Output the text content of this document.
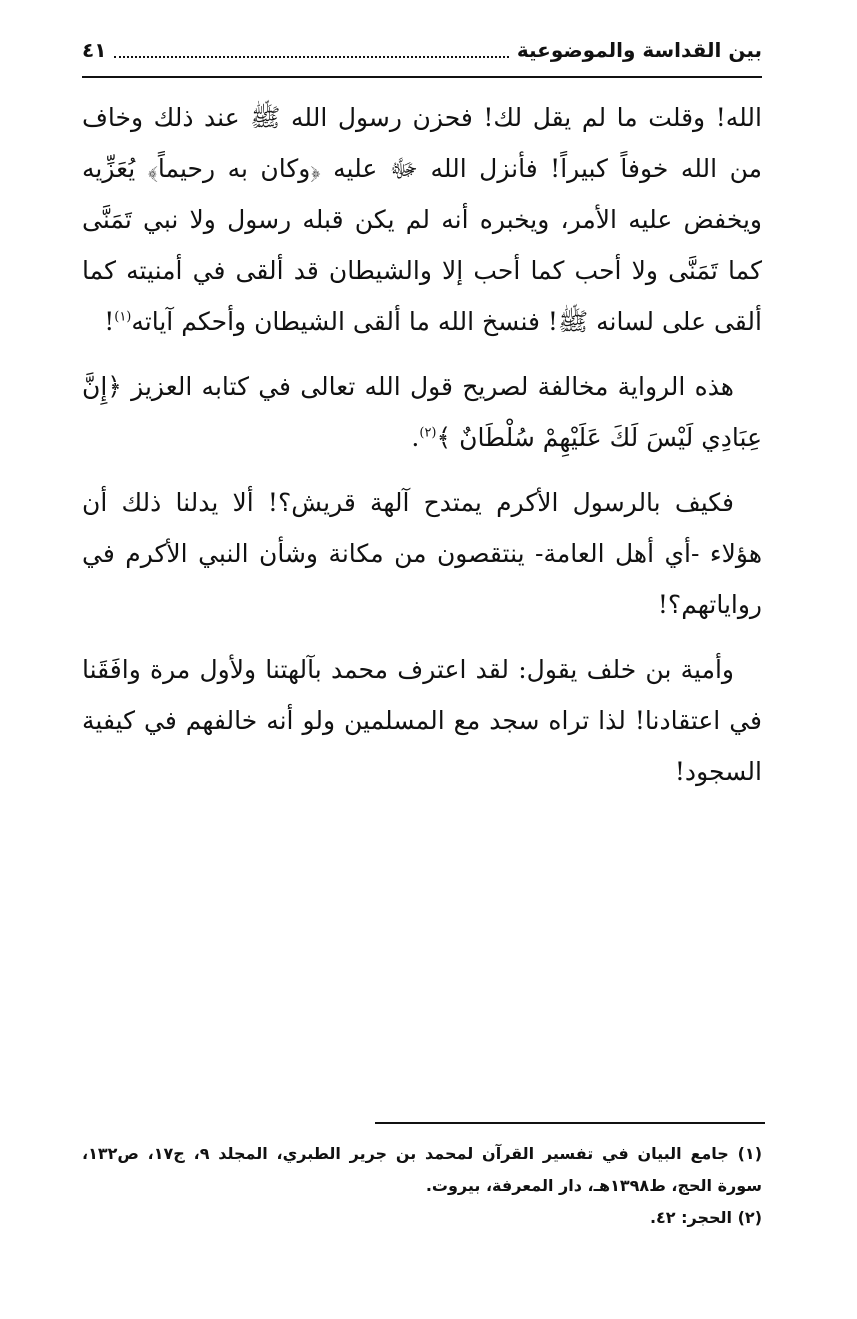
بين القداسة والموضوعية
٤١

الله! وقلت ما لم يقل لك! فحزن رسول الله ﷺ عند ذلك وخاف من الله خوفاً كبيراً! فأنزل الله ﷻ عليه ﴿وكان به رحيماً﴾ يُعَزِّيه ويخفض عليه الأمر، ويخبره أنه لم يكن قبله رسول ولا نبي تَمَنَّى كما تَمَنَّى ولا أحب كما أحب إلا والشيطان قد ألقى في أمنيته كما ألقى على لسانه ﷺ! فنسخ الله ما ألقى الشيطان وأحكم آياته$^{(١)}$!

هذه الرواية مخالفة لصريح قول الله تعالى في كتابه العزيز ﴿إِنَّ عِبَادِي لَيْسَ لَكَ عَلَيْهِمْ سُلْطَانٌ ﴾$^{(٢)}$.

فكيف بالرسول الأكرم يمتدح آلهة قريش؟! ألا يدلنا ذلك أن هؤلاء -أي أهل العامة- ينتقصون من مكانة وشأن النبي الأكرم في رواياتهم؟!

وأمية بن خلف يقول: لقد اعترف محمد بآلهتنا ولأول مرة وافَقَنا في اعتقادنا! لذا تراه سجد مع المسلمين ولو أنه خالفهم في كيفية السجود!

(١) جامع البيان في تفسير القرآن لمحمد بن جرير الطبري، المجلد ٩، ج١٧، ص١٣٢، سورة الحج، ط١٣٩٨هـ، دار المعرفة، بيروت.

(٢) الحجر: ٤٢.
